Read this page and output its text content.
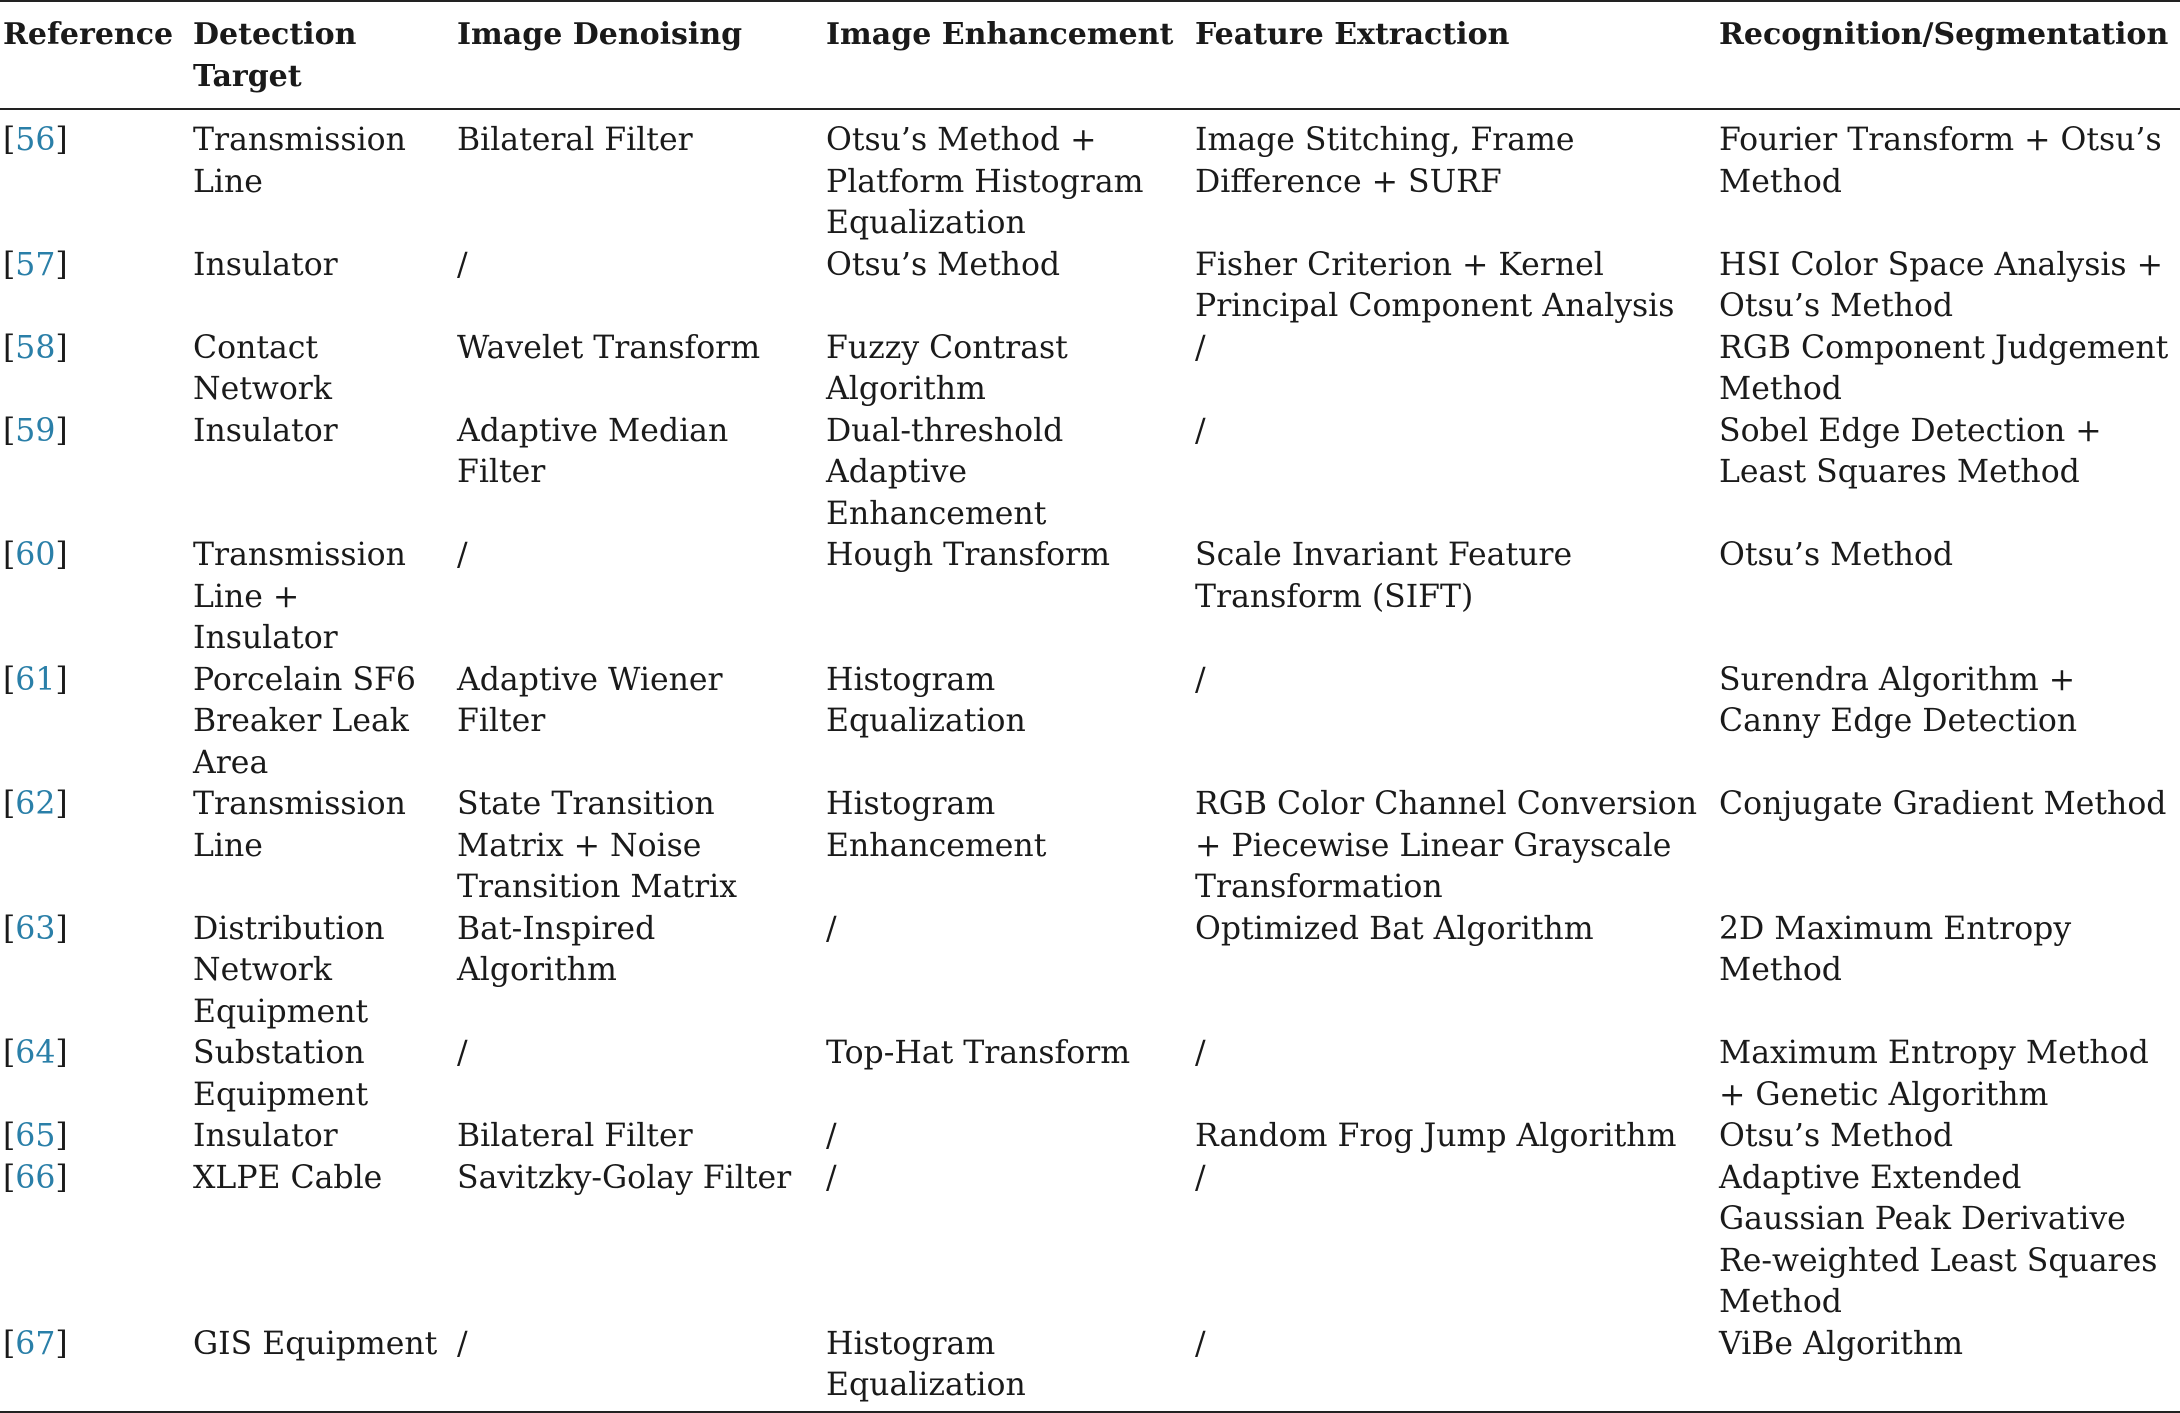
Reference	Detection Target	Image Denoising	Image Enhancement	Feature Extraction	Recognition/Segmentation
[56]	Transmission Line	Bilateral Filter	Otsu’s Method + Platform Histogram Equalization	Image Stitching, Frame Difference + SURF	Fourier Transform + Otsu’s Method

[57]	Insulator	/	Otsu’s Method	Fisher Criterion + Kernel Principal Component Analysis	HSI Color Space Analysis + Otsu’s Method

[58]	Contact Network	Wavelet Transform	Fuzzy Contrast Algorithm	/	RGB Component Judgement Method

[59]	Insulator	Adaptive Median Filter	Dual-threshold Adaptive Enhancement	/	Sobel Edge Detection + Least Squares Method

[60]	Transmission Line + Insulator	/	Hough Transform	Scale Invariant Feature Transform (SIFT)	Otsu’s Method

[61]	Porcelain SF6 Breaker Leak Area	Adaptive Wiener Filter	Histogram Equalization	/	Surendra Algorithm + Canny Edge Detection

[62]	Transmission Line	State Transition Matrix + Noise Transition Matrix	Histogram Enhancement	RGB Color Channel Conversion + Piecewise Linear Grayscale Transformation	Conjugate Gradient Method

[63]	Distribution Network Equipment	Bat-Inspired Algorithm	/	Optimized Bat Algorithm	2D Maximum Entropy Method

[64]	Substation Equipment	/	Top-Hat Transform	/	Maximum Entropy Method + Genetic Algorithm

[65]	Insulator	Bilateral Filter	/	Random Frog Jump Algorithm	Otsu’s Method

[66]	XLPE Cable	Savitzky-Golay Filter	/	/	Adaptive Extended Gaussian Peak Derivative Re-weighted Least Squares Method

[67]	GIS Equipment	/	Histogram Equalization	/	ViBe Algorithm
